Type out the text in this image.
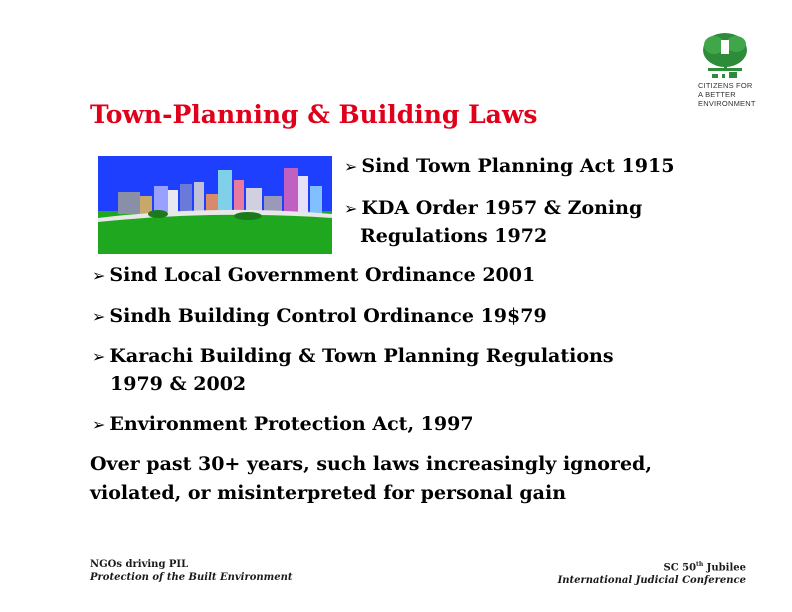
Town-Planning & Building Laws
CITIZENS FOR
A BETTER
ENVIRONMENT
➢ Sind Town Planning Act 1915
➢ KDA Order 1957 & Zoning
Regulations 1972
➢ Sind Local Government Ordinance 2001
➢ Sindh Building Control Ordinance 19$79
➢ Karachi Building & Town Planning Regulations
1979 & 2002
➢ Environment Protection Act, 1997
Over past 30+ years, such laws increasingly ignored,
violated, or misinterpreted for personal gain
NGOs driving PIL
Protection of the Built Environment
SC 50th Jubilee
International Judicial Conference
